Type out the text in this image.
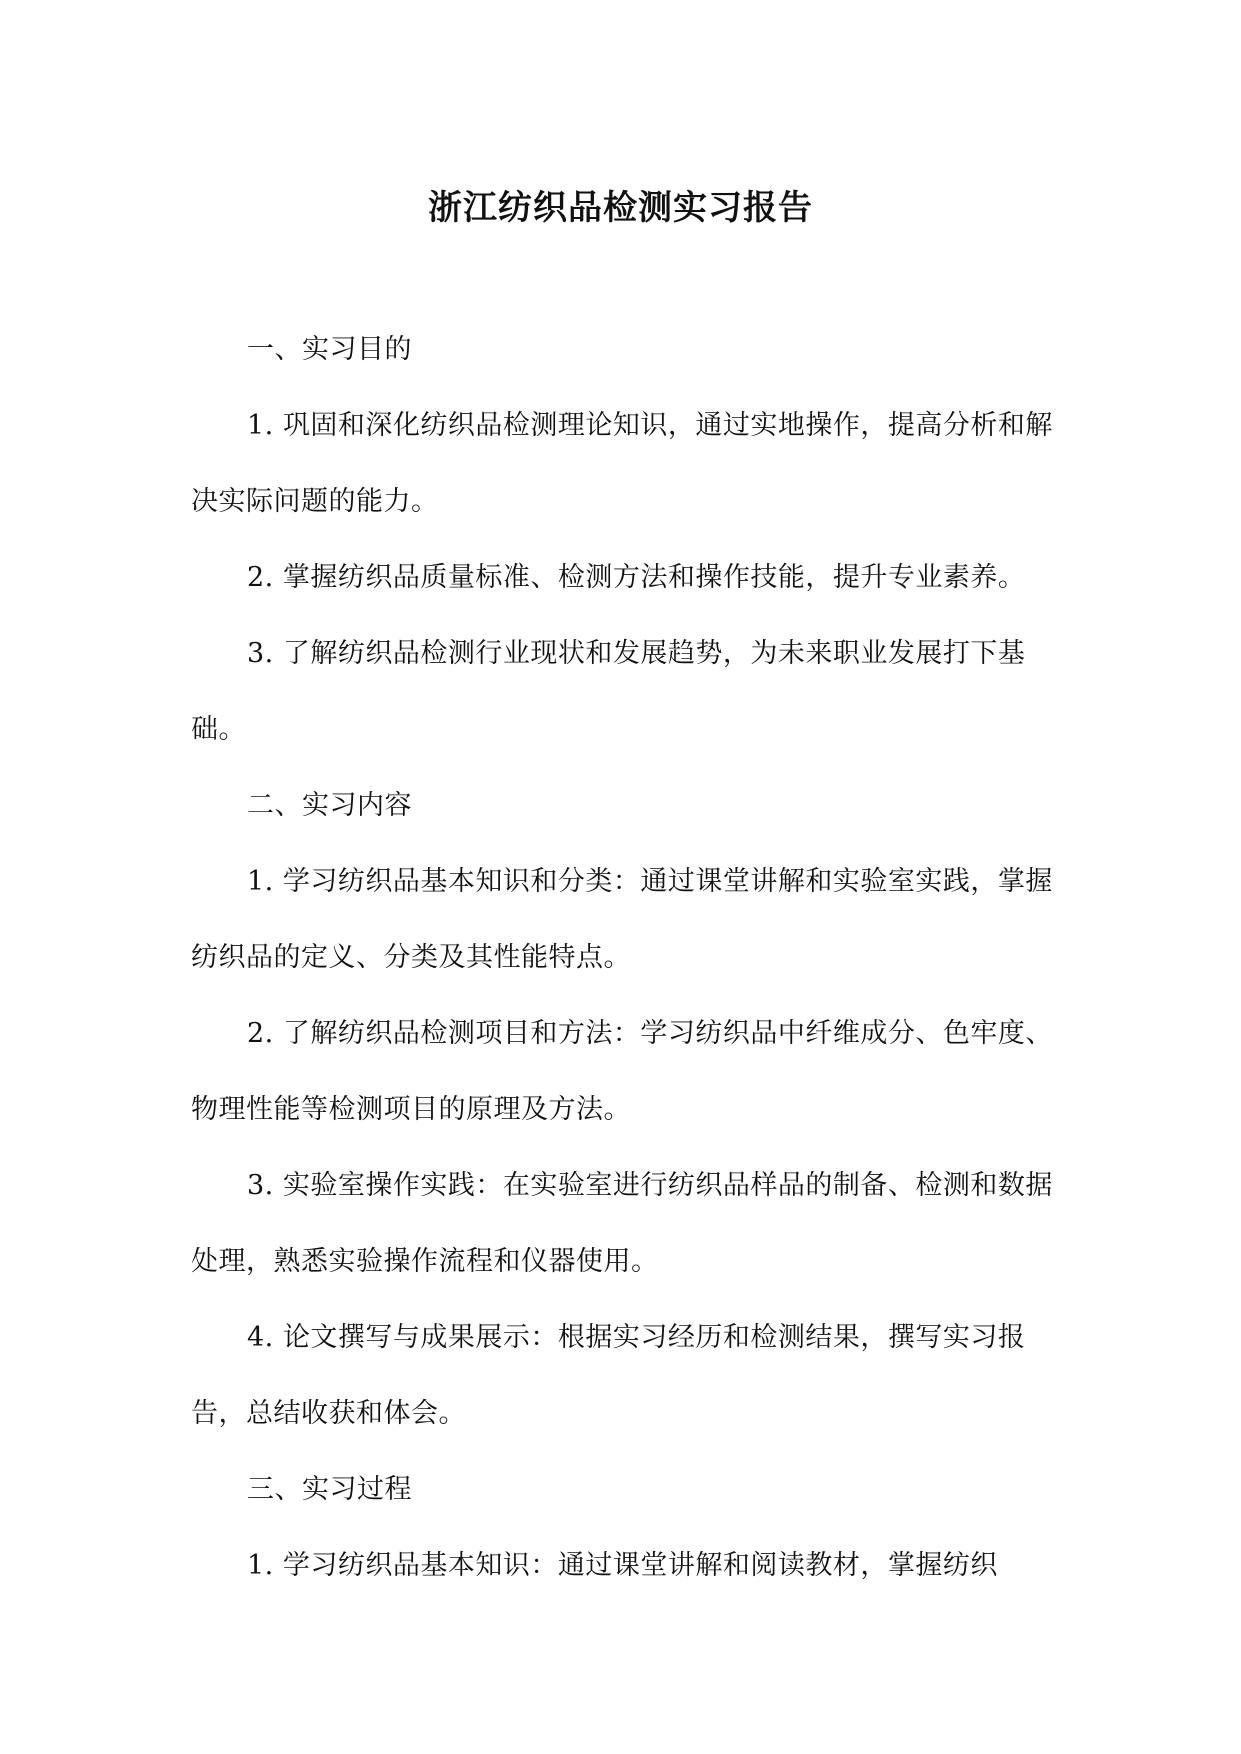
浙江纺织品检测实习报告

一、实习目的

1. 巩固和深化纺织品检测理论知识，通过实地操作，提高分析和解决实际问题的能力。

2. 掌握纺织品质量标准、检测方法和操作技能，提升专业素养。

3. 了解纺织品检测行业现状和发展趋势，为未来职业发展打下基础。

二、实习内容

1. 学习纺织品基本知识和分类：通过课堂讲解和实验室实践，掌握纺织品的定义、分类及其性能特点。

2. 了解纺织品检测项目和方法：学习纺织品中纤维成分、色牢度、物理性能等检测项目的原理及方法。

3. 实验室操作实践：在实验室进行纺织品样品的制备、检测和数据处理，熟悉实验操作流程和仪器使用。

4. 论文撰写与成果展示：根据实习经历和检测结果，撰写实习报告，总结收获和体会。

三、实习过程

1. 学习纺织品基本知识：通过课堂讲解和阅读教材，掌握纺织
